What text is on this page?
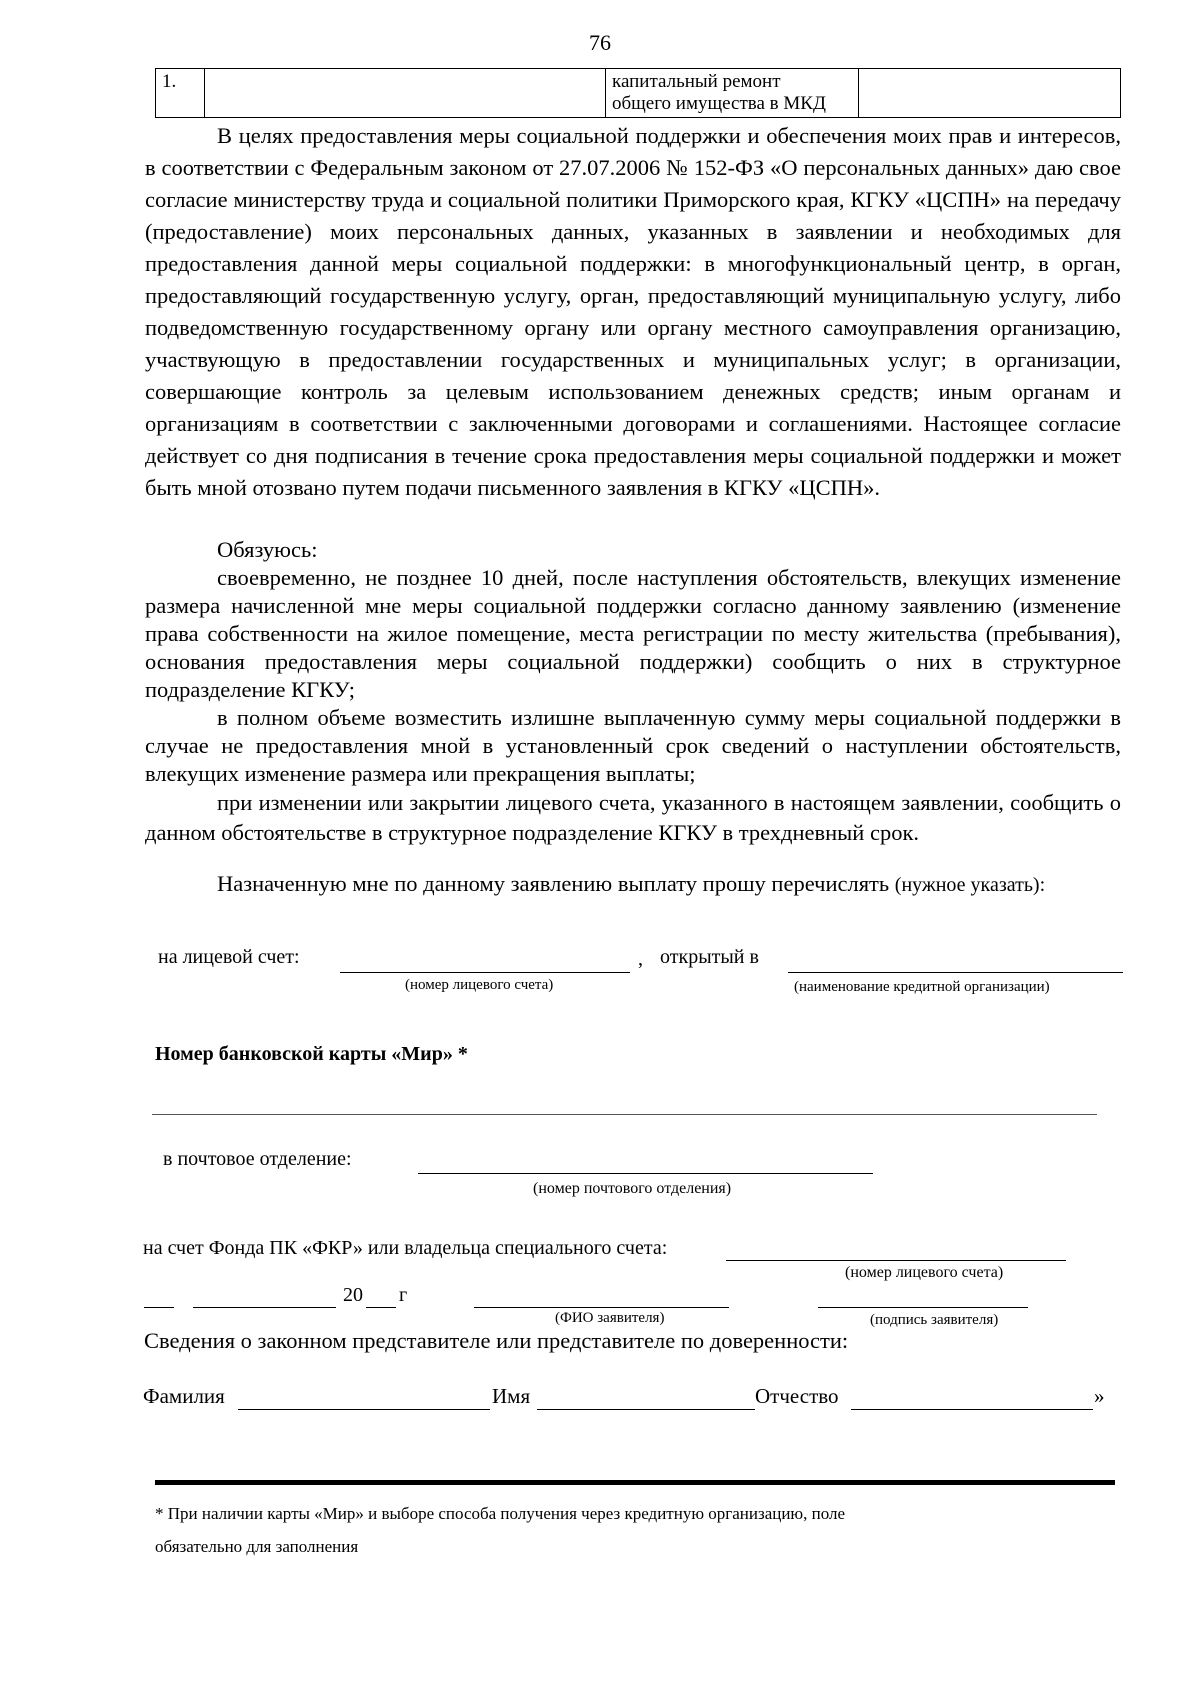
76
1.		капитальный ремонт
общего имущества в МКД

В целях предоставления меры социальной поддержки и обеспечения моих прав и интересов, в соответствии с Федеральным законом от 27.07.2006 № 152-ФЗ «О персональных данных» даю свое согласие министерству труда и социальной политики Приморского края, КГКУ «ЦСПН» на передачу (предоставление) моих персональных данных, указанных в заявлении и необходимых для предоставления данной меры социальной поддержки: в многофункциональный центр, в орган, предоставляющий государственную услугу, орган, предоставляющий муниципальную услугу, либо подведомственную государственному органу или органу местного самоуправления организацию, участвующую в предоставлении государственных и муниципальных услуг; в организации, совершающие контроль за целевым использованием денежных средств; иным органам и организациям в соответствии с заключенными договорами и соглашениями. Настоящее согласие действует со дня подписания в течение срока предоставления меры социальной поддержки и может быть мной отозвано путем подачи письменного заявления в КГКУ «ЦСПН».

Обязуюсь:

своевременно, не позднее 10 дней, после наступления обстоятельств, влекущих изменение размера начисленной мне меры социальной поддержки согласно данному заявлению (изменение права собственности на жилое помещение, места регистрации по месту жительства (пребывания), основания предоставления меры социальной поддержки) сообщить о них в структурное подразделение КГКУ;

в полном объеме возместить излишне выплаченную сумму меры социальной поддержки в случае не предоставления мной в установленный срок сведений о наступлении обстоятельств, влекущих изменение размера или прекращения выплаты;

при изменении или закрытии лицевого счета, указанного в настоящем заявлении, сообщить о данном обстоятельстве в структурное подразделение КГКУ в трехдневный срок.

Назначенную мне по данному заявлению выплату прошу перечислять (нужное указать):

на лицевой счет:	, открытый в
(номер лицевого счета)	(наименование кредитной организации)
Номер банковской карты «Мир» *
в почтовое отделение:
(номер почтового отделения)
на счет Фонда ПК «ФКР» или владельца специального счета:
(номер лицевого счета)
20 г
(ФИО заявителя)	(подпись заявителя)
Сведения о законном представителе или представителе по доверенности:
Фамилия	Имя	Отчество	»
* При наличии карты «Мир» и выборе способа получения через кредитную организацию, поле
обязательно для заполнения
